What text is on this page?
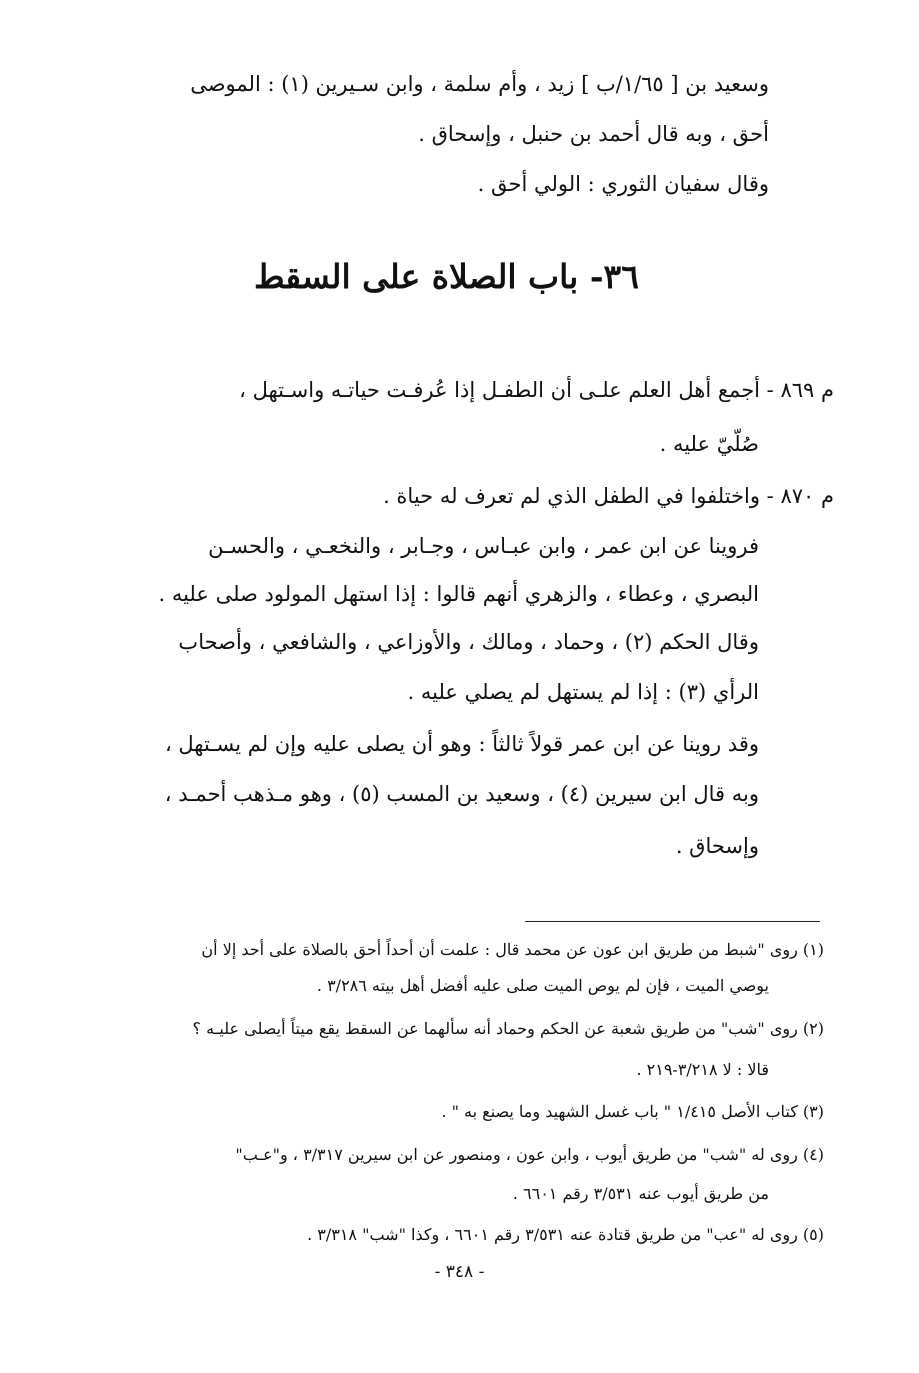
وسعيد بن [ ١/٦٥/ب ] زيد ، وأم سلمة ، وابن سـيرين (١) : الموصى

أحق ، وبه قال أحمد بن حنبل ، وإسحاق .

وقال سفيان الثوري : الولي أحق .

٣٦- باب الصلاة على السقط

م ٨٦٩ - أجمع أهل العلم علـى أن الطفـل إذا عُرفـت حياتـه واسـتهل ،

صُلّيّ عليه .

م ٨٧٠ - واختلفوا في الطفل الذي لم تعرف له حياة .

فروينا عن ابن عمر ، وابن عبـاس ، وجـابر ، والنخعـي ، والحسـن

البصري ، وعطاء ، والزهري أنهم قالوا : إذا استهل المولود صلى عليه .

وقال الحكم (٢) ، وحماد ، ومالك ، والأوزاعي ، والشافعي ، وأصحاب

الرأي (٣) : إذا لم يستهل لم يصلي عليه .

وقد روينا عن ابن عمر قولاً ثالثاً : وهو أن يصلى عليه وإن لم يسـتهل ،

وبه قال ابن سيرين (٤) ، وسعيد بن المسب (٥) ، وهو مـذهب أحمـد ،

وإسحاق .

(١) روى "شبط من طريق ابن عون عن محمد قال : علمت أن أحداً أحق بالصلاة على أحد إلا أن

يوصي الميت ، فإن لم يوص الميت صلى عليه أفضل أهل بيته ٣/٢٨٦ .

(٢) روى "شب" من طريق شعبة عن الحكم وحماد أنه سألهما عن السقط يقع ميتاً أيصلى عليـه ؟

قالا : لا ٣/٢١٨-٢١٩ .

(٣) كتاب الأصل ١/٤١٥ " باب غسل الشهيد وما يصنع به " .

(٤) روى له "شب" من طريق أيوب ، وابن عون ، ومنصور عن ابن سيرين ٣/٣١٧ ، و"عـب"

من طريق أيوب عنه ٣/٥٣١ رقم ٦٦٠١ .

(٥) روى له "عب" من طريق قتادة عنه ٣/٥٣١ رقم ٦٦٠١ ، وكذا "شب" ٣/٣١٨ .

- ٣٤٨ -
